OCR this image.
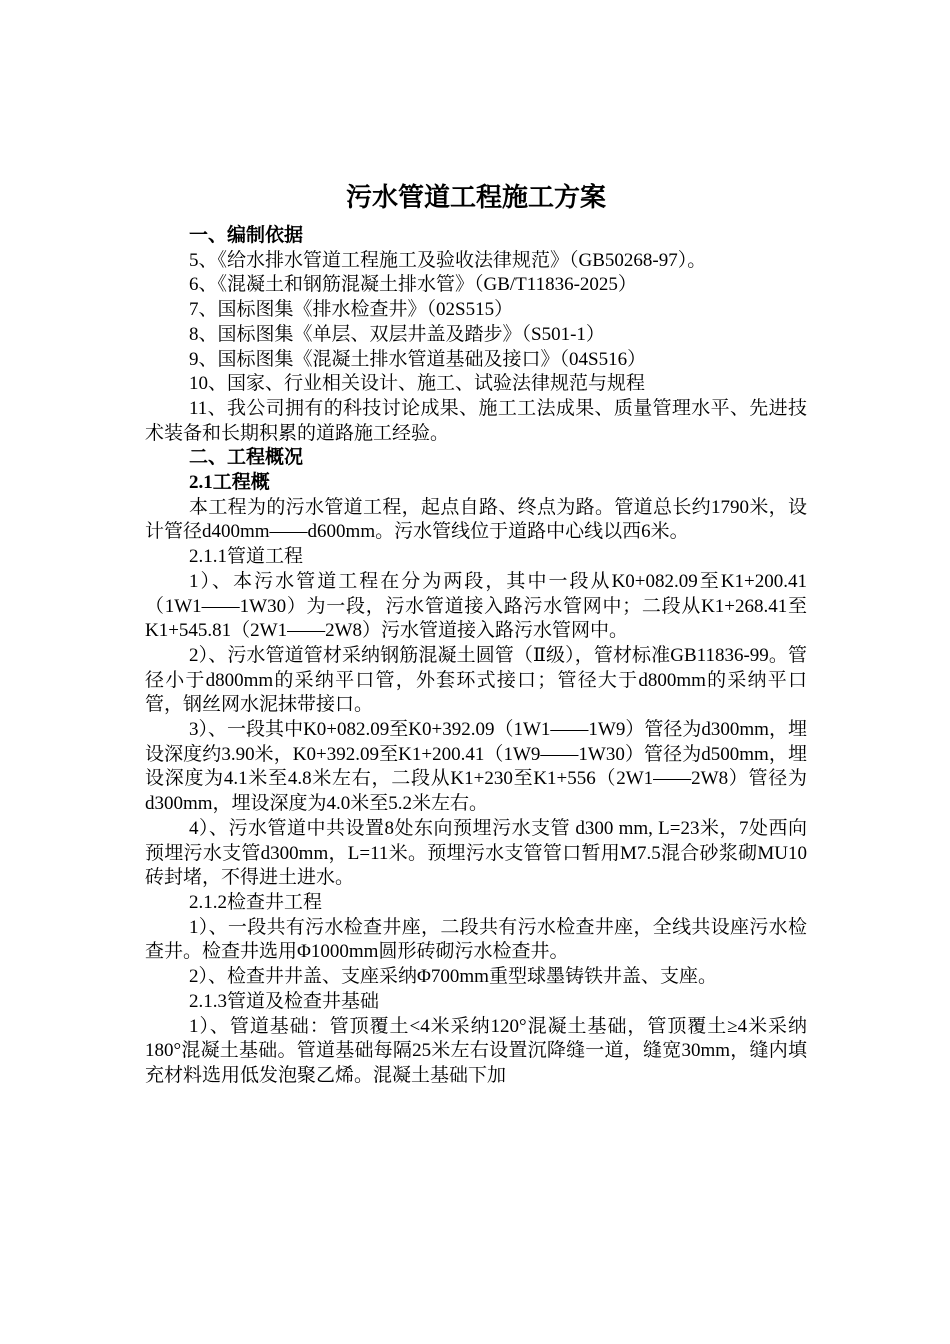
污水管道工程施工方案

一、编制依据

5、《给水排水管道工程施工及验收法律规范》（GB50268-97）。

6、《混凝土和钢筋混凝土排水管》（GB/T11836-2025）

7、国标图集《排水检查井》（02S515）

8、国标图集《单层、双层井盖及踏步》（S501-1）

9、国标图集《混凝土排水管道基础及接口》（04S516）

10、国家、行业相关设计、施工、试验法律规范与规程

11、我公司拥有的科技讨论成果、施工工法成果、质量管理水平、先进技术装备和长期积累的道路施工经验。

二、工程概况

2.1工程概

本工程为的污水管道工程，起点自路、终点为路。管道总长约1790米，设计管径d400mm——d600mm。污水管线位于道路中心线以西6米。

2.1.1管道工程

1）、本污水管道工程在分为两段，其中一段从K0+082.09至K1+200.41（1W1——1W30）为一段，污水管道接入路污水管网中；二段从K1+268.41至K1+545.81（2W1——2W8）污水管道接入路污水管网中。

2）、污水管道管材采纳钢筋混凝土圆管（Ⅱ级），管材标准GB11836-99。管径小于d800mm的采纳平口管，外套环式接口；管径大于d800mm的采纳平口管，钢丝网水泥抹带接口。

3）、一段其中K0+082.09至K0+392.09（1W1——1W9）管径为d300mm，埋设深度约3.90米，K0+392.09至K1+200.41（1W9——1W30）管径为d500mm，埋设深度为4.1米至4.8米左右，二段从K1+230至K1+556（2W1——2W8）管径为 d300mm，埋设深度为4.0米至5.2米左右。

4）、污水管道中共设置8处东向预埋污水支管 d300 mm, L=23米，7处西向预埋污水支管d300mm，L=11米。预埋污水支管管口暂用M7.5混合砂浆砌MU10砖封堵，不得进土进水。

2.1.2检查井工程

1）、一段共有污水检查井座，二段共有污水检查井座，全线共设座污水检查井。检查井选用Φ1000mm圆形砖砌污水检查井。

2）、检查井井盖、支座采纳Φ700mm重型球墨铸铁井盖、支座。

2.1.3管道及检查井基础

1）、管道基础：管顶覆土<4米采纳120°混凝土基础，管顶覆土≥4米采纳180°混凝土基础。管道基础每隔25米左右设置沉降缝一道，缝宽30mm，缝内填充材料选用低发泡聚乙烯。混凝土基础下加
